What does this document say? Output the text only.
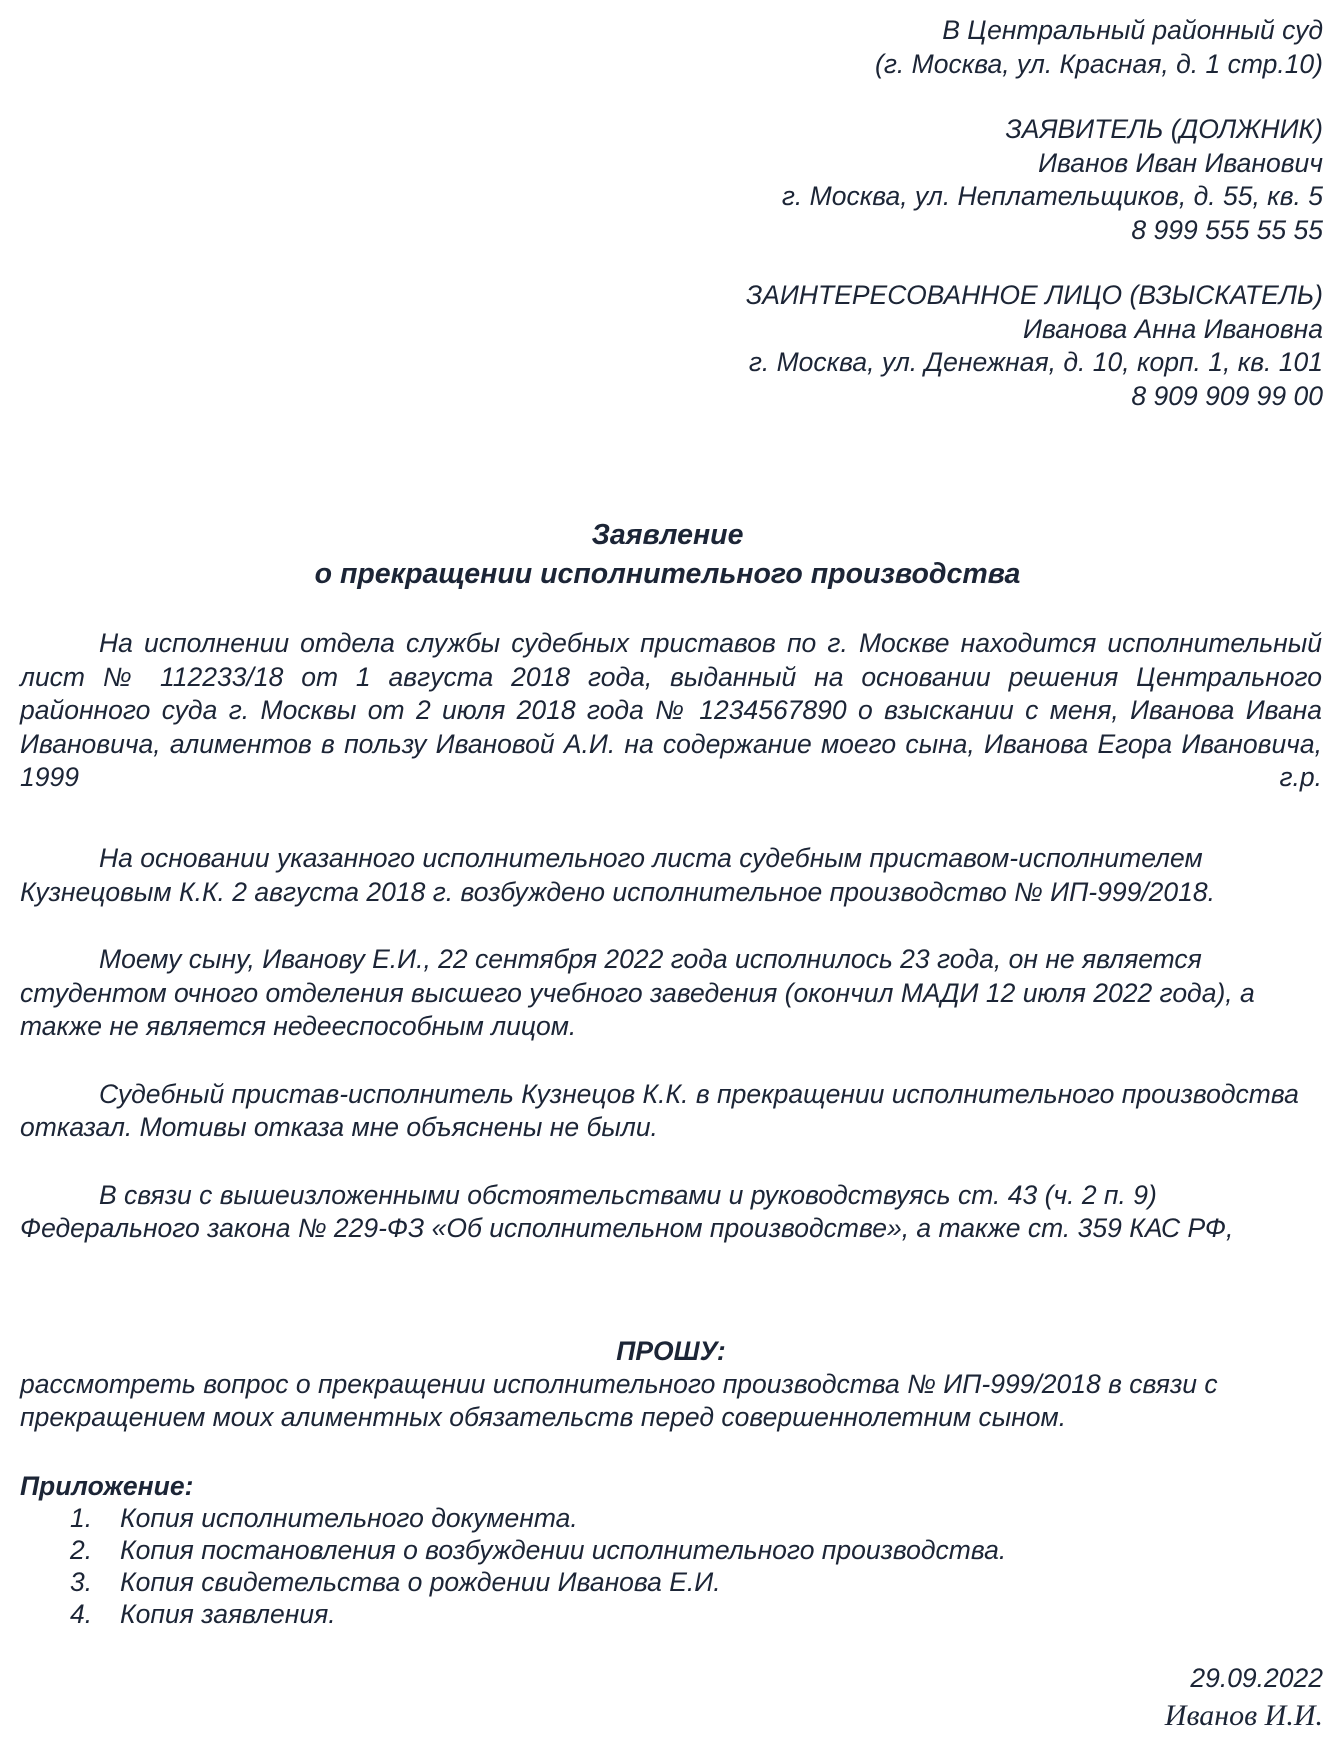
В Центральный районный суд
(г. Москва, ул. Красная, д. 1 стр.10)
ЗАЯВИТЕЛЬ (ДОЛЖНИК)
Иванов Иван Иванович
г. Москва, ул. Неплательщиков, д. 55, кв. 5
8 999 555 55 55
ЗАИНТЕРЕСОВАННОЕ ЛИЦО (ВЗЫСКАТЕЛЬ)
Иванова Анна Ивановна
г. Москва, ул. Денежная, д. 10, корп. 1, кв. 101
8 909 909 99 00
Заявление
о прекращении исполнительного производства

На исполнении отдела службы судебных приставов по г. Москве находится исполнительный лист № 112233/18 от 1 августа 2018 года, выданный на основании решения Центрального районного суда г. Москвы от 2 июля 2018 года № 1234567890 о взыскании с меня, Иванова Ивана Ивановича, алиментов в пользу Ивановой А.И. на содержание моего сына, Иванова Егора Ивановича, 1999 г.р.

На основании указанного исполнительного листа судебным приставом-исполнителем Кузнецовым К.К. 2 августа 2018 г. возбуждено исполнительное производство № ИП-999/2018.

Моему сыну, Иванову Е.И., 22 сентября 2022 года исполнилось 23 года, он не является студентом очного отделения высшего учебного заведения (окончил МАДИ 12 июля 2022 года), а также не является недееспособным лицом.

Судебный пристав-исполнитель Кузнецов К.К. в прекращении исполнительного производства отказал. Мотивы отказа мне объяснены не были.

В связи с вышеизложенными обстоятельствами и руководствуясь ст. 43 (ч. 2 п. 9) Федерального закона № 229-ФЗ «Об исполнительном производстве», а также ст. 359 КАС РФ,

ПРОШУ:
рассмотреть вопрос о прекращении исполнительного производства № ИП-999/2018 в связи с прекращением моих алиментных обязательств перед совершеннолетним сыном.
Приложение:
1. Копия исполнительного документа.
2. Копия постановления о возбуждении исполнительного производства.
3. Копия свидетельства о рождении Иванова Е.И.
4. Копия заявления.
29.09.2022
Иванов И.И.
